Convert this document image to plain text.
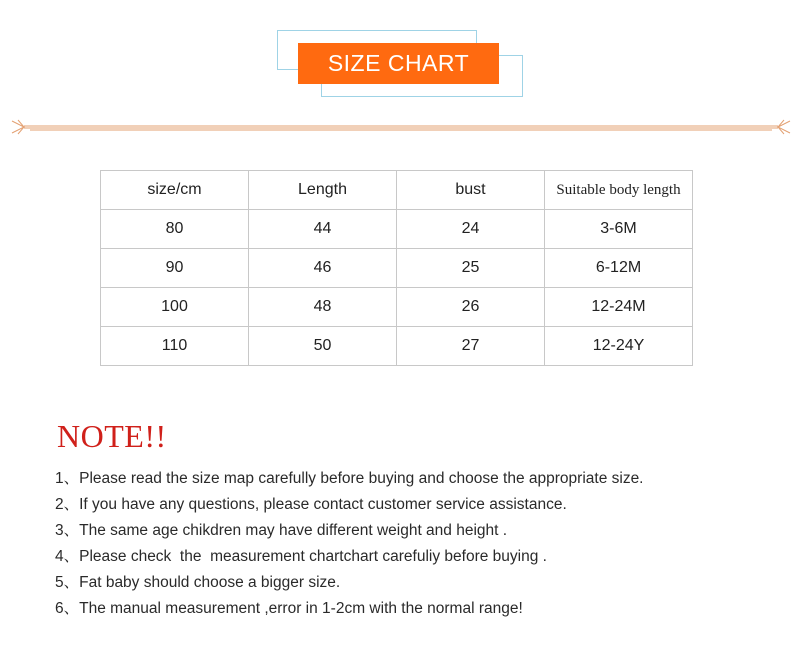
SIZE CHART
size/cm	Length	bust	Suitable body length
80	44	24	3-6M
90	46	25	6-12M
100	48	26	12-24M
110	50	27	12-24Y
NOTE!!
1、Please read the size map carefully before buying and choose the appropriate size.
2、If you have any questions, please contact customer service assistance.
3、The same age chikdren may have different weight and height .
4、Please check  the  measurement chartchart carefuliy before buying .
5、Fat baby should choose a bigger size.
6、The manual measurement ,error in 1-2cm with the normal range!
